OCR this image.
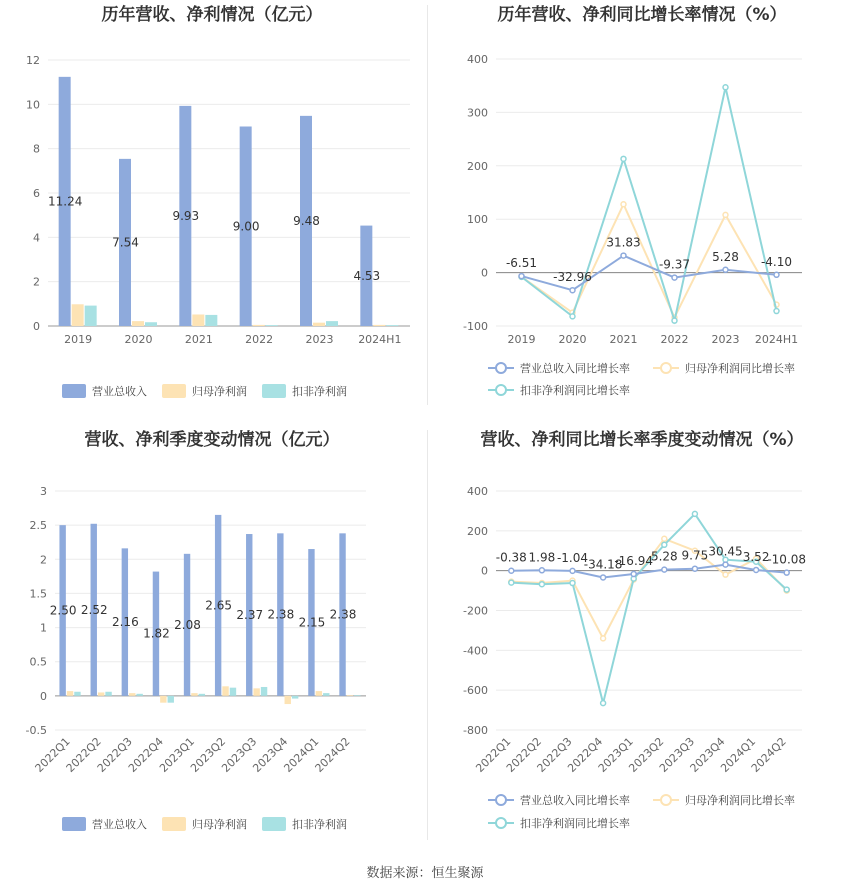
历年营收、净利情况（亿元）
0
2
4
6
8
10
12
11.24
7.54
9.93
9.00	9.48
4.53
2019	2020	2021	2022	2023 2024H1
营业总收入	归母净利润	扣非净利润
历年营收、净利同比增长率情况（%）
-100
0
100
200
300
400
-6.51
-32.96
31.83
-9.37
5.28 -4.10
2019 2020 2021 2022 2023 2024H1
营业总收入同比增长率	归母净利润同比增长率
扣非净利润同比增长率
营收、净利季度变动情况（亿元）
-0.5
0
0.5
1
1.5
2
2.5
3
2.50 2.52
2.16
1.82
2.08
2.65
2.37 2.38
2.15
2.38
2022Q1
2022Q2
2022Q3
2022Q4
2023Q1
2023Q2
2023Q3
2023Q4
2024Q1
2024Q2
营业总收入	归母净利润	扣非净利润
营收、净利同比增长率季度变动情况（%）
-800
-600
-400
-200
0
200
400
-0.38 1.98 -1.04
-34.18
-16.94
5.28 9.75 30.45 3.52
-10.08
2022Q1
2022Q2
2022Q3
2022Q4
2023Q1
2023Q2
2023Q3
2023Q4
2024Q1
2024Q2
营业总收入同比增长率	归母净利润同比增长率
扣非净利润同比增长率
数据来源：恒生聚源
